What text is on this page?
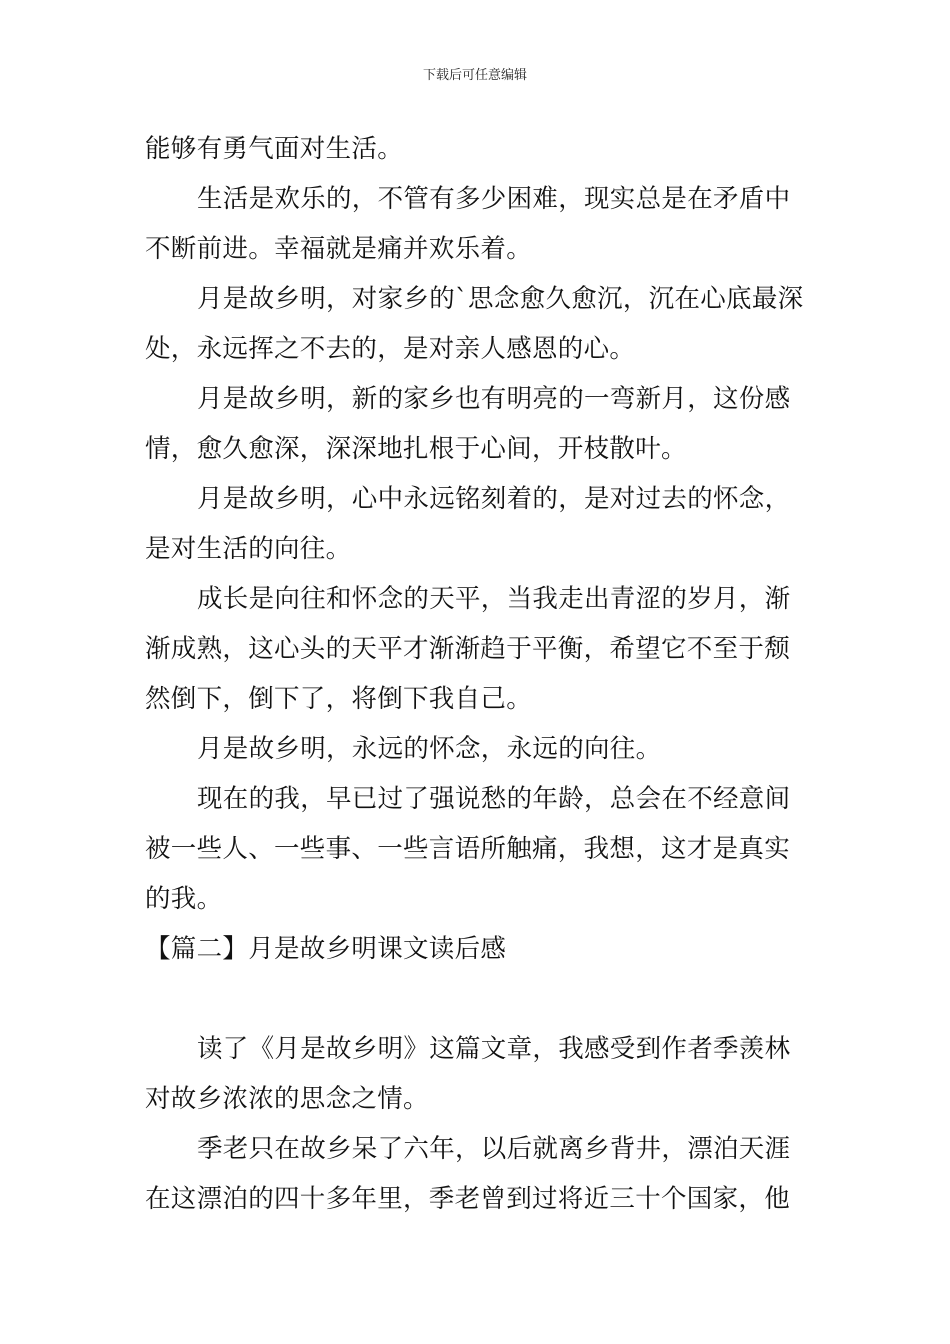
下载后可任意编辑
能够有勇气面对生活。
生活是欢乐的，不管有多少困难，现实总是在矛盾中
不断前进。幸福就是痛并欢乐着。
月是故乡明，对家乡的`思念愈久愈沉，沉在心底最深
处，永远挥之不去的，是对亲人感恩的心。
月是故乡明，新的家乡也有明亮的一弯新月，这份感
情，愈久愈深，深深地扎根于心间，开枝散叶。
月是故乡明，心中永远铭刻着的，是对过去的怀念，
是对生活的向往。
成长是向往和怀念的天平，当我走出青涩的岁月，渐
渐成熟，这心头的天平才渐渐趋于平衡，希望它不至于颓
然倒下，倒下了，将倒下我自己。
月是故乡明，永远的怀念，永远的向往。
现在的我，早已过了强说愁的年龄，总会在不经意间
被一些人、一些事、一些言语所触痛，我想，这才是真实
的我。
【篇二】月是故乡明课文读后感
读了《月是故乡明》这篇文章，我感受到作者季羡林
对故乡浓浓的思念之情。
季老只在故乡呆了六年，以后就离乡背井，漂泊天涯
在这漂泊的四十多年里，季老曾到过将近三十个国家，他
